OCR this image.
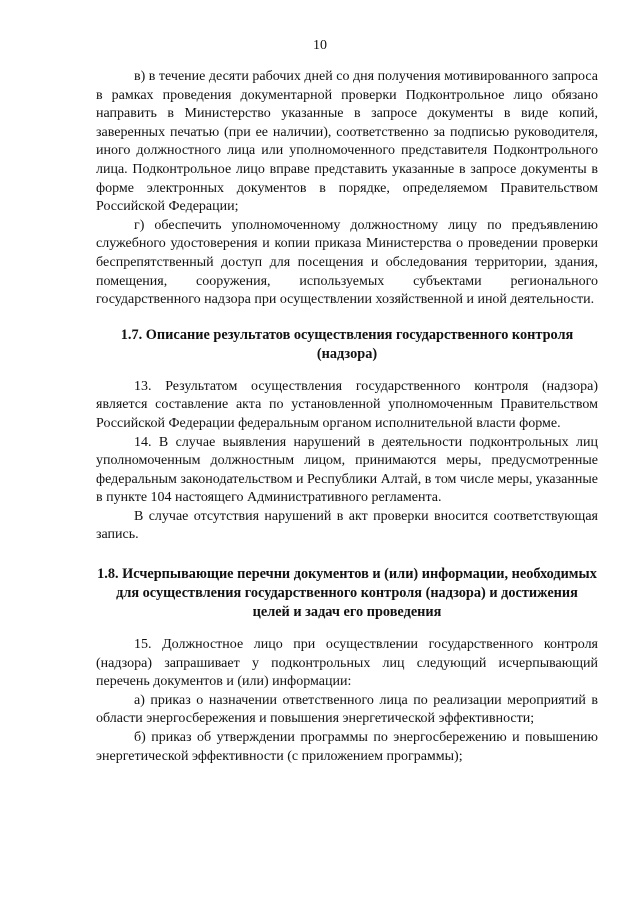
10

в) в течение десяти рабочих дней со дня получения мотивированного запроса в рамках проведения документарной проверки Подконтрольное лицо обязано направить в Министерство указанные в запросе документы в виде копий, заверенных печатью (при ее наличии), соответственно за подписью руководителя, иного должностного лица или уполномоченного представителя Подконтрольного лица. Подконтрольное лицо вправе представить указанные в запросе документы в форме электронных документов в порядке, определяемом Правительством Российской Федерации;

г) обеспечить уполномоченному должностному лицу по предъявлению служебного удостоверения и копии приказа Министерства о проведении проверки беспрепятственный доступ для посещения и обследования территории, здания, помещения, сооружения, используемых субъектами регионального государственного надзора при осуществлении хозяйственной и иной деятельности.

1.7. Описание результатов осуществления государственного контроля (надзора)

13. Результатом осуществления государственного контроля (надзора) является составление акта по установленной уполномоченным Правительством Российской Федерации федеральным органом исполнительной власти форме.

14. В случае выявления нарушений в деятельности подконтрольных лиц уполномоченным должностным лицом, принимаются меры, предусмотренные федеральным законодательством и Республики Алтай, в том числе меры, указанные в пункте 104 настоящего Административного регламента.

В случае отсутствия нарушений в акт проверки вносится соответствующая запись.

1.8. Исчерпывающие перечни документов и (или) информации, необходимых для осуществления государственного контроля (надзора) и достижения целей и задач его проведения

15. Должностное лицо при осуществлении государственного контроля (надзора) запрашивает у подконтрольных лиц следующий исчерпывающий перечень документов и (или) информации:

а) приказ о назначении ответственного лица по реализации мероприятий в области энергосбережения и повышения энергетической эффективности;

б) приказ об утверждении программы по энергосбережению и повышению энергетической эффективности (с приложением программы);
